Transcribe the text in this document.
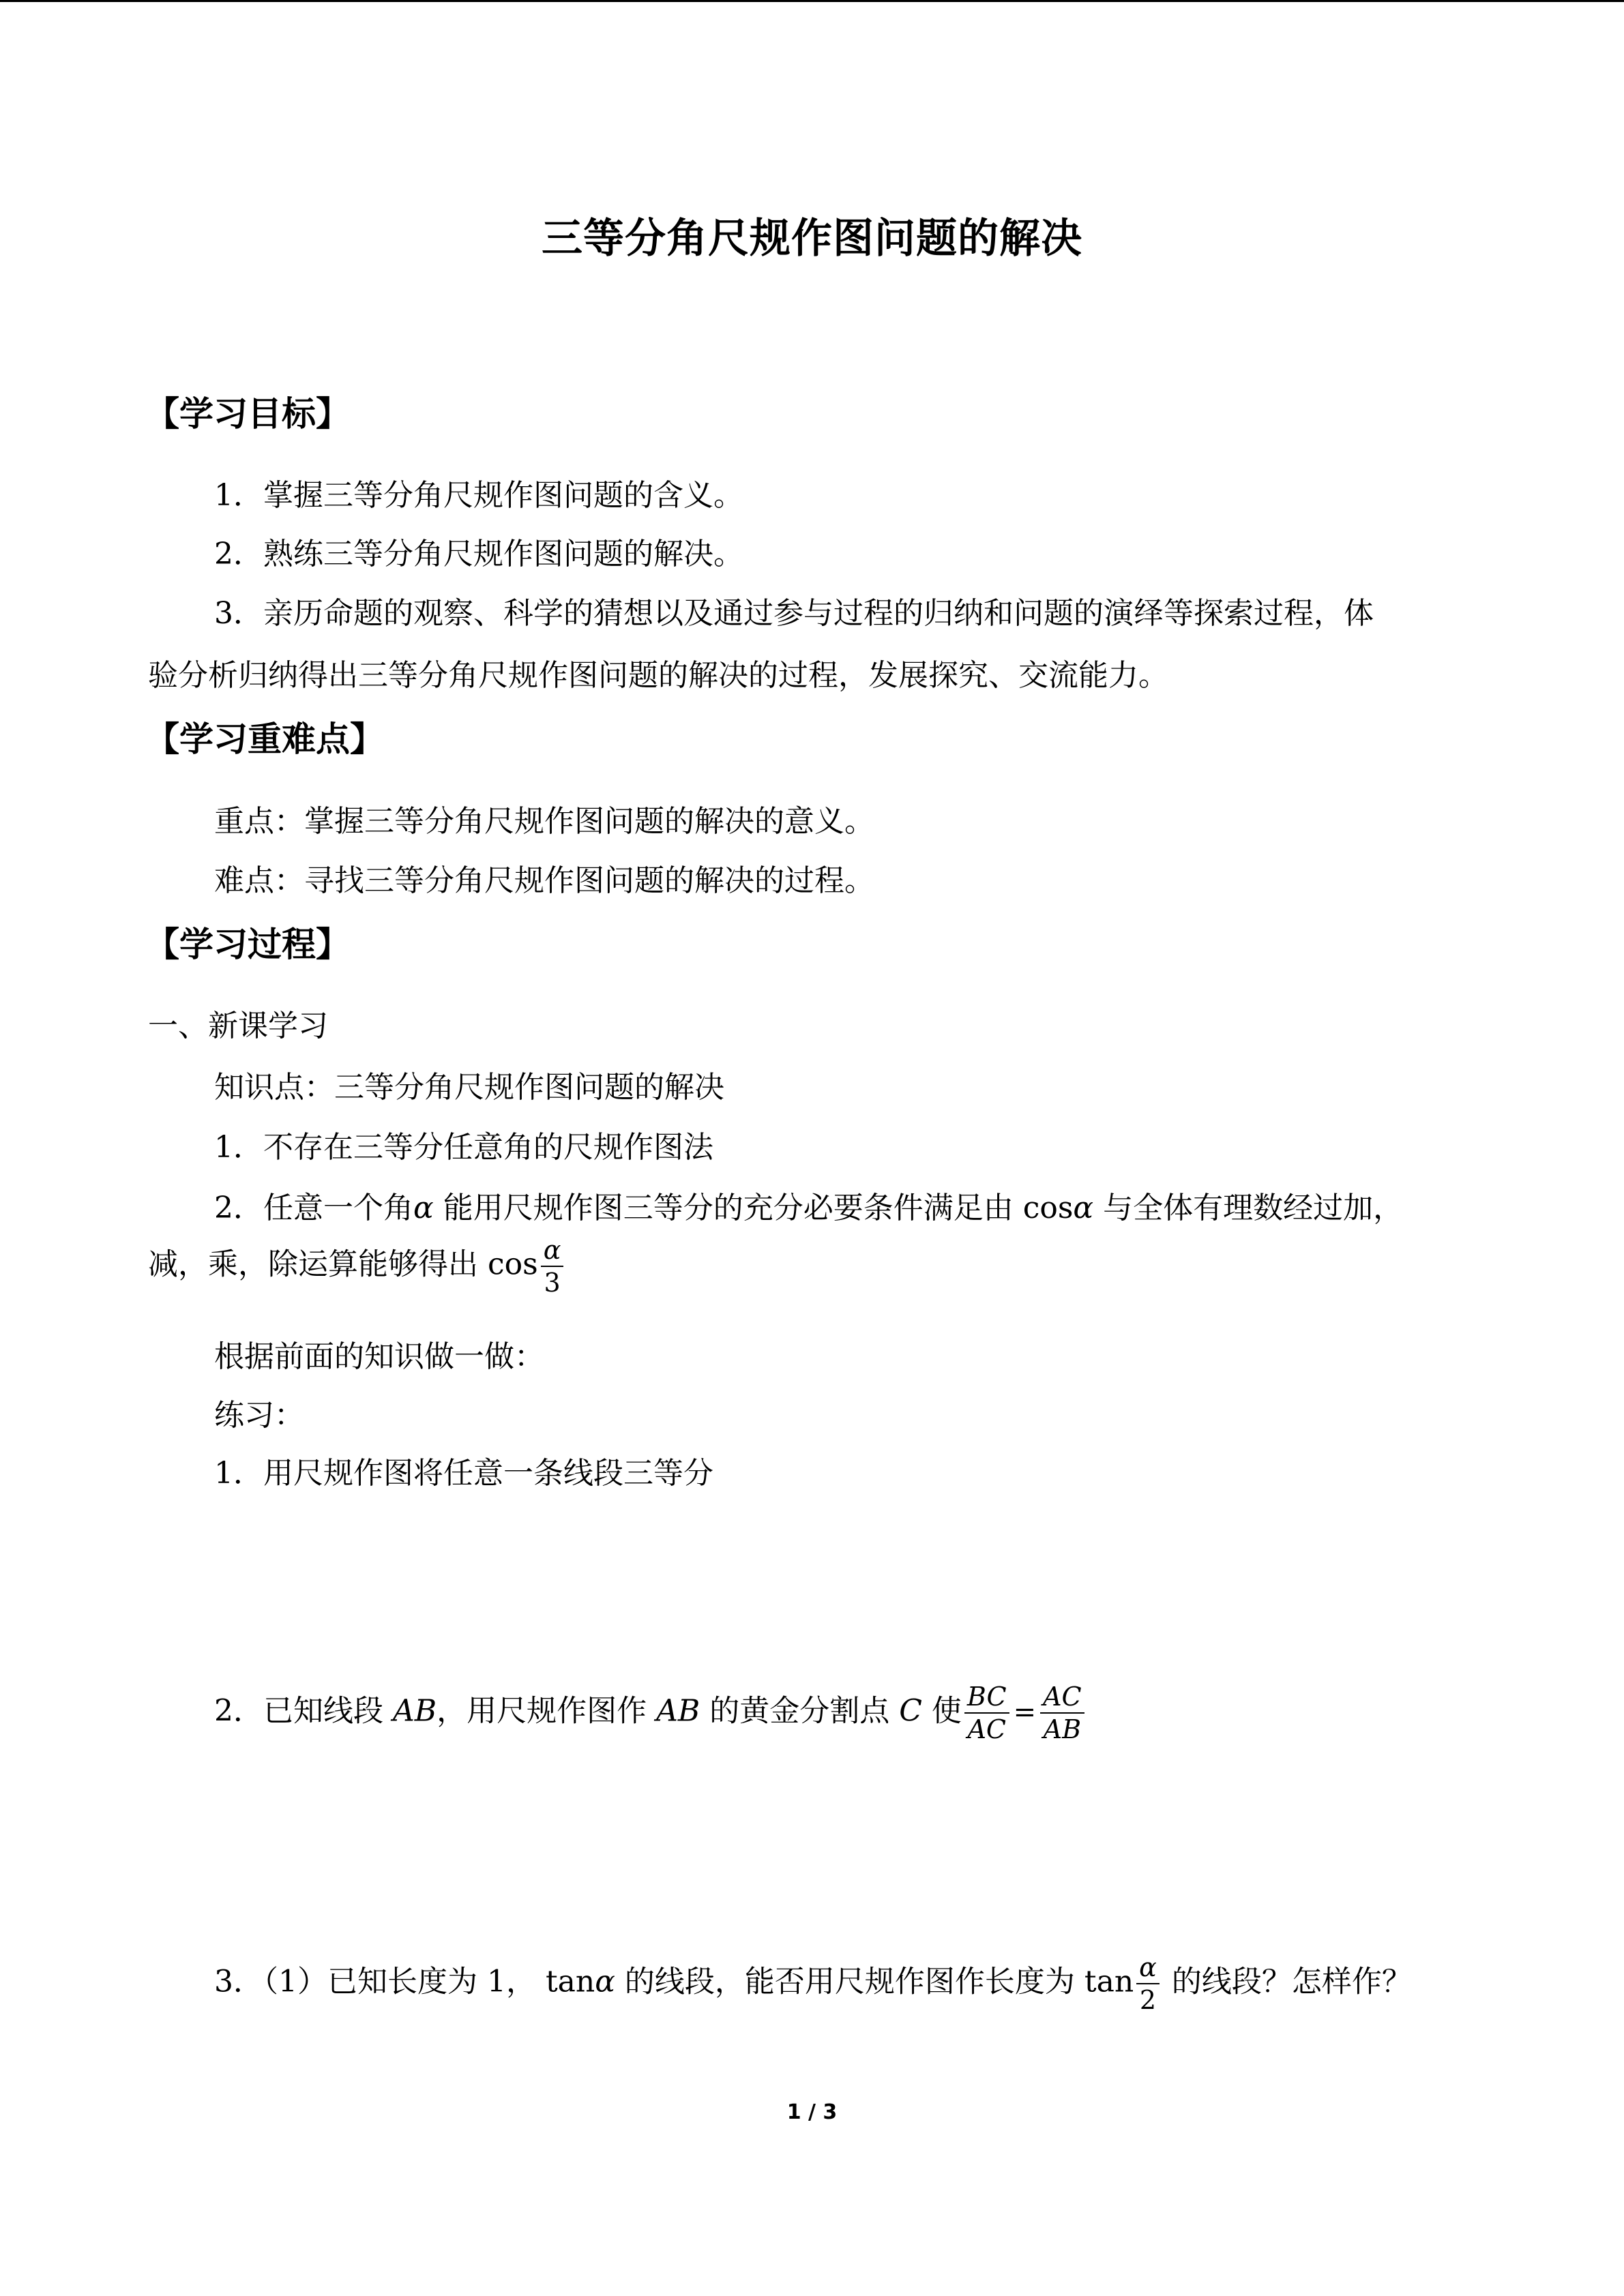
三等分角尺规作图问题的解决
【学习目标】
1．掌握三等分角尺规作图问题的含义。
2．熟练三等分角尺规作图问题的解决。
3．亲历命题的观察、科学的猜想以及通过参与过程的归纳和问题的演绎等探索过程，体
验分析归纳得出三等分角尺规作图问题的解决的过程，发展探究、交流能力。
【学习重难点】
重点：掌握三等分角尺规作图问题的解决的意义。
难点：寻找三等分角尺规作图问题的解决的过程。
【学习过程】
一、新课学习
知识点：三等分角尺规作图问题的解决
1．不存在三等分任意角的尺规作图法
2．任意一个角α 能用尺规作图三等分的充分必要条件满足由 cosα 与全体有理数经过加，
减，乘，除运算能够得出 $\cos \frac{\alpha}{3}$
根据前面的知识做一做：
练习：
1．用尺规作图将任意一条线段三等分
2．已知线段 AB，用尺规作图作 AB 的黄金分割点 C 使 $\frac{BC}{AC} = \frac{AC}{AB}$
3．（1）已知长度为 1， tanα 的线段，能否用尺规作图作长度为 $\tan \frac{\alpha}{2}$ 的线段？怎样作？
1 / 3
